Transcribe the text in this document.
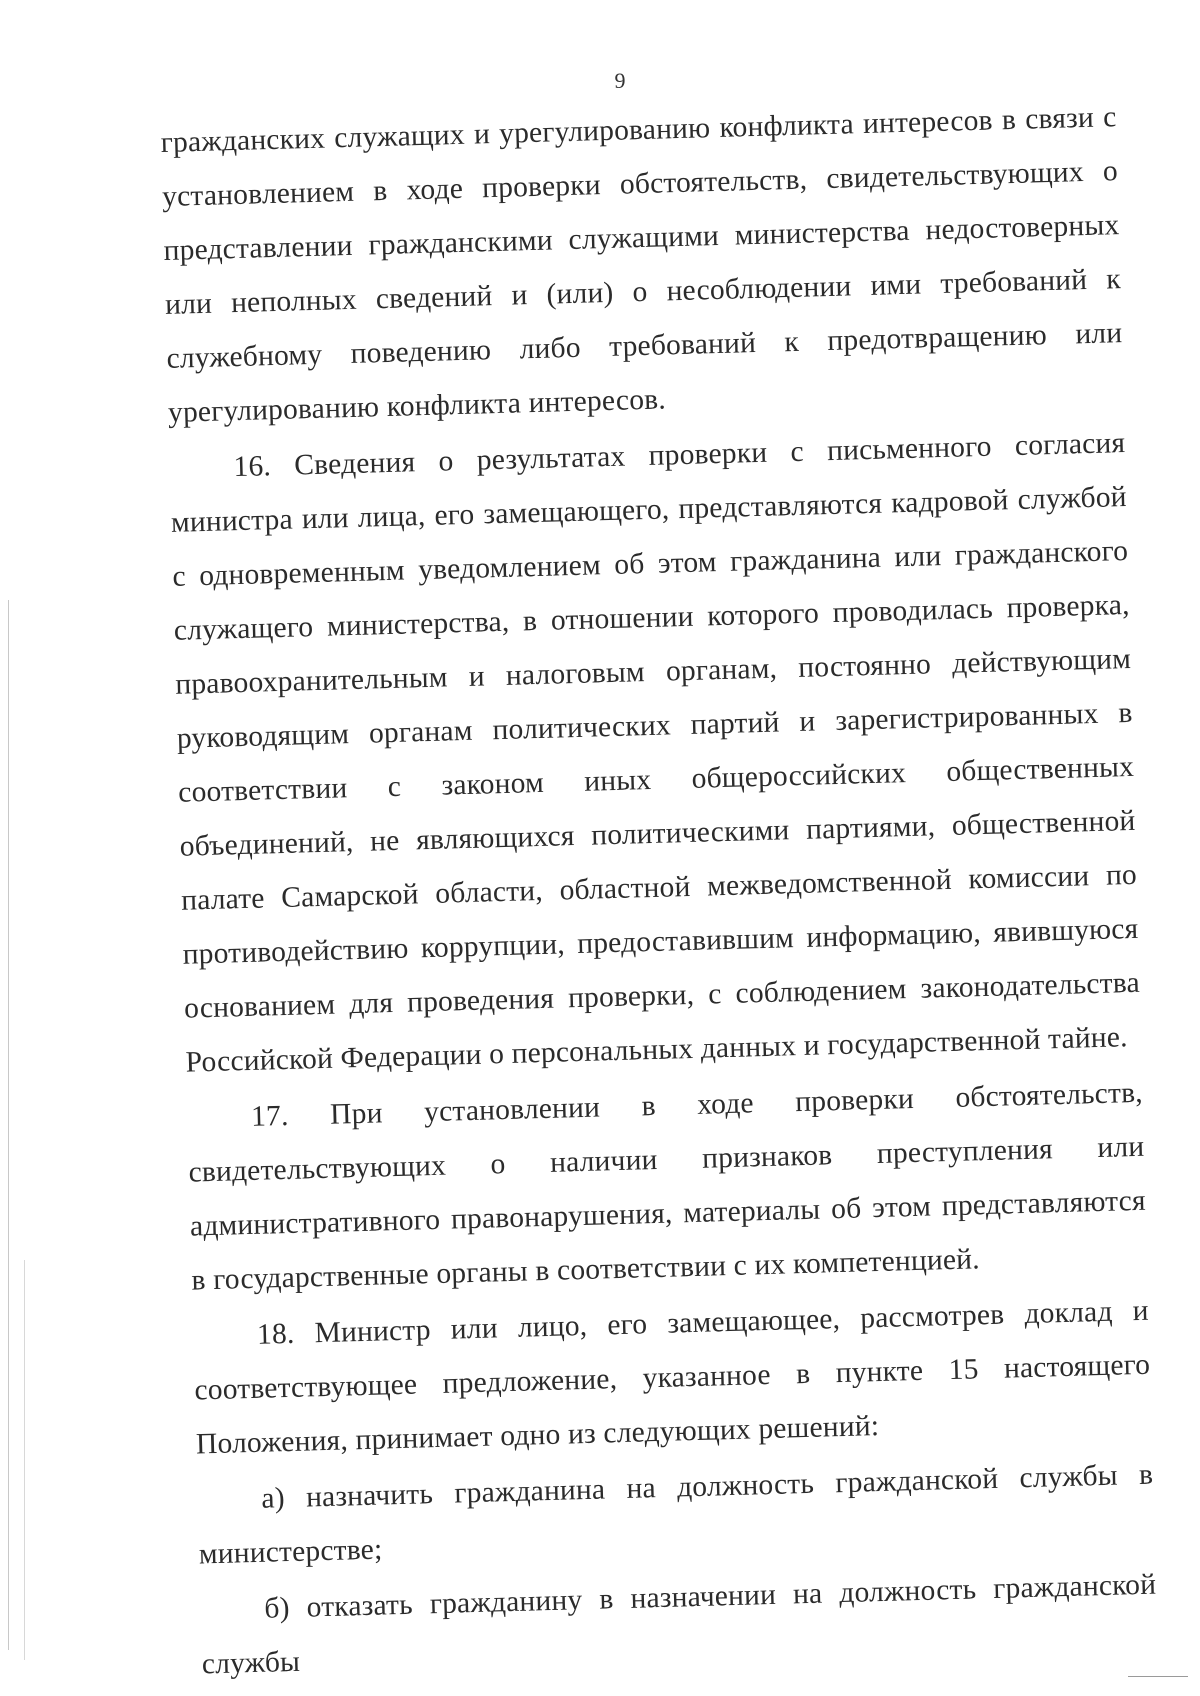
9

гражданских служащих и урегулированию конфликта интересов в связи с установлением в ходе проверки обстоятельств, свидетельствующих о представлении гражданскими служащими министерства недостоверных или неполных сведений и (или) о несоблюдении ими требований к служебному поведению либо требований к предотвращению или урегулированию конфликта интересов.

16. Сведения о результатах проверки с письменного согласия министра или лица, его замещающего, представляются кадровой службой с одновременным уведомлением об этом гражданина или гражданского служащего министерства, в отношении которого проводилась проверка, правоохранительным и налоговым органам, постоянно действующим руководящим органам политических партий и зарегистрированных в соответствии с законом иных общероссийских общественных объединений, не являющихся политическими партиями, общественной палате Самарской области, областной межведомственной комиссии по противодействию коррупции, предоставившим информацию, явившуюся основанием для проведения проверки, с соблюдением законодательства Российской Федерации о персональных данных и государственной тайне.

17. При установлении в ходе проверки обстоятельств, свидетельствующих о наличии признаков преступления или административного правонарушения, материалы об этом представляются в государственные органы в соответствии с их компетенцией.

18. Министр или лицо, его замещающее, рассмотрев доклад и соответствующее предложение, указанное в пункте 15 настоящего Положения, принимает одно из следующих решений:

а) назначить гражданина на должность гражданской службы в министерстве;

б) отказать гражданину в назначении на должность гражданской службы
